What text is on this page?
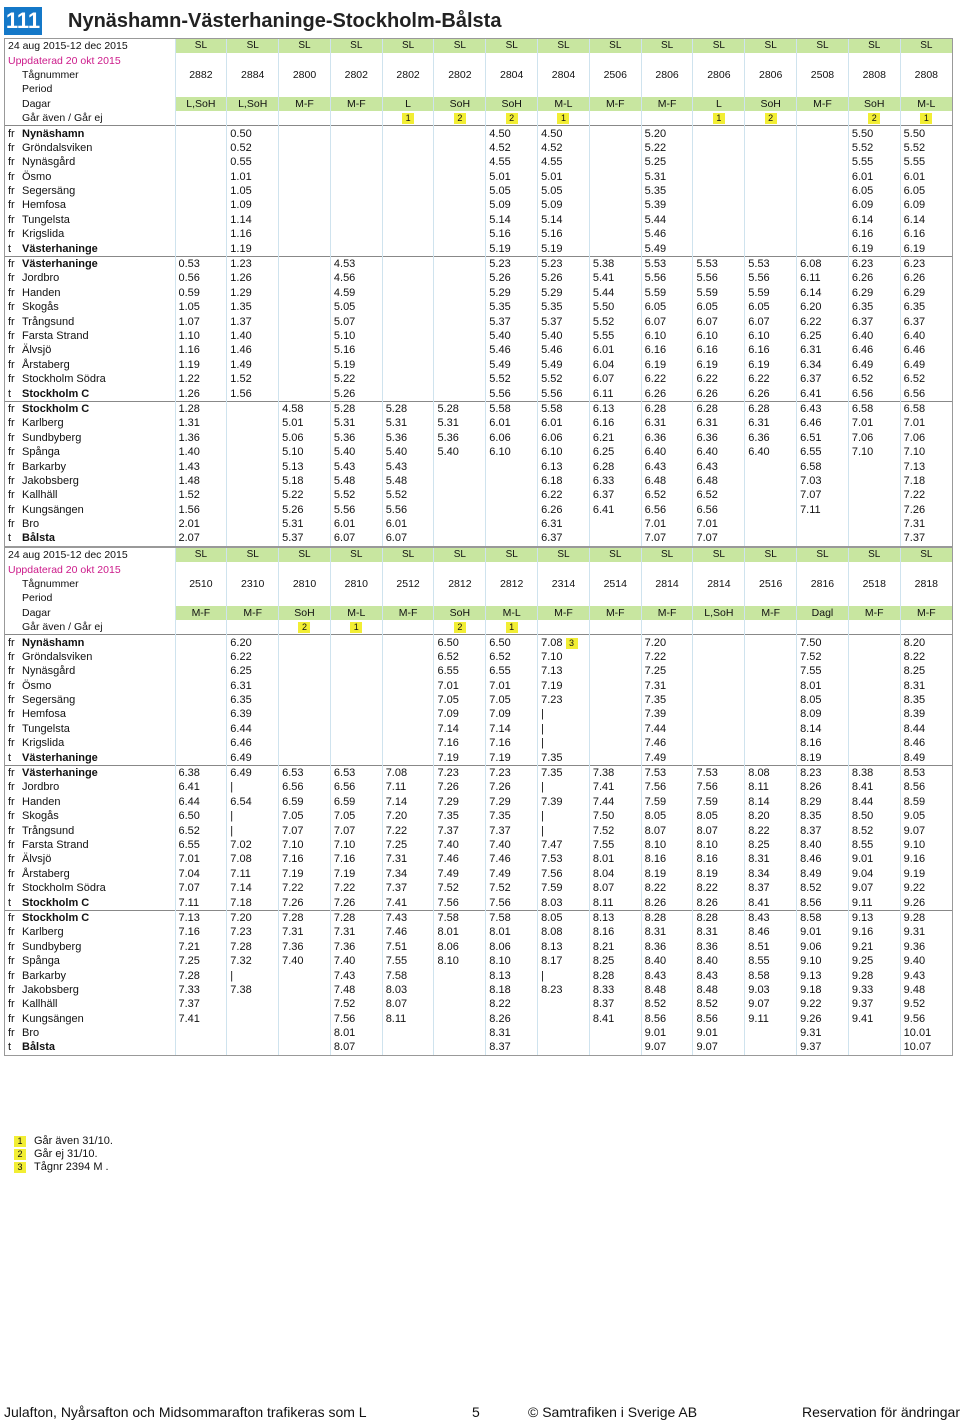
111 Nynäshamn-Västerhaninge-Stockholm-Bålsta
24 aug 2015-12 dec 2015	SL	SL	SL	SL	SL	SL	SL	SL	SL	SL	SL	SL	SL	SL	SL
Uppdaterad 20 okt 2015															
Tågnummer	2882	2884	2800	2802	2802	2802	2804	2804	2506	2806	2806	2806	2508	2808	2808
Period															
Dagar	L,SoH	L,SoH	M-F	M-F	L	SoH	SoH	M-L	M-F	M-F	L	SoH	M-F	SoH	M-L
Går även / Går ej					1	2	2	1			1	2		2	1
fr Nynäshamn		0.50					4.50	4.50		5.20				5.50	5.50
fr Gröndalsviken		0.52					4.52	4.52		5.22				5.52	5.52
fr Nynäsgård		0.55					4.55	4.55		5.25				5.55	5.55
fr Ösmo		1.01					5.01	5.01		5.31				6.01	6.01
fr Segersäng		1.05					5.05	5.05		5.35				6.05	6.05
fr Hemfosa		1.09					5.09	5.09		5.39				6.09	6.09
fr Tungelsta		1.14					5.14	5.14		5.44				6.14	6.14
fr Krigslida		1.16					5.16	5.16		5.46				6.16	6.16
t Västerhaninge		1.19					5.19	5.19		5.49				6.19	6.19
fr Västerhaninge	0.53	1.23		4.53			5.23	5.23	5.38	5.53	5.53	5.53	6.08	6.23	6.23
fr Jordbro	0.56	1.26		4.56			5.26	5.26	5.41	5.56	5.56	5.56	6.11	6.26	6.26
fr Handen	0.59	1.29		4.59			5.29	5.29	5.44	5.59	5.59	5.59	6.14	6.29	6.29
fr Skogås	1.05	1.35		5.05			5.35	5.35	5.50	6.05	6.05	6.05	6.20	6.35	6.35
fr Trångsund	1.07	1.37		5.07			5.37	5.37	5.52	6.07	6.07	6.07	6.22	6.37	6.37
fr Farsta Strand	1.10	1.40		5.10			5.40	5.40	5.55	6.10	6.10	6.10	6.25	6.40	6.40
fr Älvsjö	1.16	1.46		5.16			5.46	5.46	6.01	6.16	6.16	6.16	6.31	6.46	6.46
fr Årstaberg	1.19	1.49		5.19			5.49	5.49	6.04	6.19	6.19	6.19	6.34	6.49	6.49
fr Stockholm Södra	1.22	1.52		5.22			5.52	5.52	6.07	6.22	6.22	6.22	6.37	6.52	6.52
t Stockholm C	1.26	1.56		5.26			5.56	5.56	6.11	6.26	6.26	6.26	6.41	6.56	6.56
fr Stockholm C	1.28		4.58	5.28	5.28	5.28	5.58	5.58	6.13	6.28	6.28	6.28	6.43	6.58	6.58
fr Karlberg	1.31		5.01	5.31	5.31	5.31	6.01	6.01	6.16	6.31	6.31	6.31	6.46	7.01	7.01
fr Sundbyberg	1.36		5.06	5.36	5.36	5.36	6.06	6.06	6.21	6.36	6.36	6.36	6.51	7.06	7.06
fr Spånga	1.40		5.10	5.40	5.40	5.40	6.10	6.10	6.25	6.40	6.40	6.40	6.55	7.10	7.10
fr Barkarby	1.43		5.13	5.43	5.43			6.13	6.28	6.43	6.43		6.58		7.13
fr Jakobsberg	1.48		5.18	5.48	5.48			6.18	6.33	6.48	6.48		7.03		7.18
fr Kallhäll	1.52		5.22	5.52	5.52			6.22	6.37	6.52	6.52		7.07		7.22
fr Kungsängen	1.56		5.26	5.56	5.56			6.26	6.41	6.56	6.56		7.11		7.26
fr Bro	2.01		5.31	6.01	6.01			6.31		7.01	7.01				7.31
t Bålsta	2.07		5.37	6.07	6.07			6.37		7.07	7.07				7.37
24 aug 2015-12 dec 2015	SL	SL	SL	SL	SL	SL	SL	SL	SL	SL	SL	SL	SL	SL	SL
Uppdaterad 20 okt 2015															
Tågnummer	2510	2310	2810	2810	2512	2812	2812	2314	2514	2814	2814	2516	2816	2518	2818
Period															
Dagar	M-F	M-F	SoH	M-L	M-F	SoH	M-L	M-F	M-F	M-F	L,SoH	M-F	Dagl	M-F	M-F
Går även / Går ej			2	1		2	1								
fr Nynäshamn		6.20				6.50	6.50	7.08 3		7.20			7.50		8.20
fr Gröndalsviken		6.22				6.52	6.52	7.10		7.22			7.52		8.22
fr Nynäsgård		6.25				6.55	6.55	7.13		7.25			7.55		8.25
fr Ösmo		6.31				7.01	7.01	7.19		7.31			8.01		8.31
fr Segersäng		6.35				7.05	7.05	7.23		7.35			8.05		8.35
fr Hemfosa		6.39				7.09	7.09	|		7.39			8.09		8.39
fr Tungelsta		6.44				7.14	7.14	|		7.44			8.14		8.44
fr Krigslida		6.46				7.16	7.16	|		7.46			8.16		8.46
t Västerhaninge		6.49				7.19	7.19	7.35		7.49			8.19		8.49
fr Västerhaninge	6.38	6.49	6.53	6.53	7.08	7.23	7.23	7.35	7.38	7.53	7.53	8.08	8.23	8.38	8.53
fr Jordbro	6.41	|	6.56	6.56	7.11	7.26	7.26	|	7.41	7.56	7.56	8.11	8.26	8.41	8.56
fr Handen	6.44	6.54	6.59	6.59	7.14	7.29	7.29	7.39	7.44	7.59	7.59	8.14	8.29	8.44	8.59
fr Skogås	6.50	|	7.05	7.05	7.20	7.35	7.35	|	7.50	8.05	8.05	8.20	8.35	8.50	9.05
fr Trångsund	6.52	|	7.07	7.07	7.22	7.37	7.37	|	7.52	8.07	8.07	8.22	8.37	8.52	9.07
fr Farsta Strand	6.55	7.02	7.10	7.10	7.25	7.40	7.40	7.47	7.55	8.10	8.10	8.25	8.40	8.55	9.10
fr Älvsjö	7.01	7.08	7.16	7.16	7.31	7.46	7.46	7.53	8.01	8.16	8.16	8.31	8.46	9.01	9.16
fr Årstaberg	7.04	7.11	7.19	7.19	7.34	7.49	7.49	7.56	8.04	8.19	8.19	8.34	8.49	9.04	9.19
fr Stockholm Södra	7.07	7.14	7.22	7.22	7.37	7.52	7.52	7.59	8.07	8.22	8.22	8.37	8.52	9.07	9.22
t Stockholm C	7.11	7.18	7.26	7.26	7.41	7.56	7.56	8.03	8.11	8.26	8.26	8.41	8.56	9.11	9.26
fr Stockholm C	7.13	7.20	7.28	7.28	7.43	7.58	7.58	8.05	8.13	8.28	8.28	8.43	8.58	9.13	9.28
fr Karlberg	7.16	7.23	7.31	7.31	7.46	8.01	8.01	8.08	8.16	8.31	8.31	8.46	9.01	9.16	9.31
fr Sundbyberg	7.21	7.28	7.36	7.36	7.51	8.06	8.06	8.13	8.21	8.36	8.36	8.51	9.06	9.21	9.36
fr Spånga	7.25	7.32	7.40	7.40	7.55	8.10	8.10	8.17	8.25	8.40	8.40	8.55	9.10	9.25	9.40
fr Barkarby	7.28	|		7.43	7.58		8.13	|	8.28	8.43	8.43	8.58	9.13	9.28	9.43
fr Jakobsberg	7.33	7.38		7.48	8.03		8.18	8.23	8.33	8.48	8.48	9.03	9.18	9.33	9.48
fr Kallhäll	7.37			7.52	8.07		8.22		8.37	8.52	8.52	9.07	9.22	9.37	9.52
fr Kungsängen	7.41			7.56	8.11		8.26		8.41	8.56	8.56	9.11	9.26	9.41	9.56
fr Bro				8.01			8.31			9.01	9.01		9.31		10.01
t Bålsta				8.07			8.37			9.07	9.07		9.37		10.07
1	Går även 31/10.
2	Går ej 31/10.
3	Tågnr 2394 M .
Julafton, Nyårsafton och Midsommarafton trafikeras som L	5	© Samtrafiken i Sverige AB	Reservation för ändringar
